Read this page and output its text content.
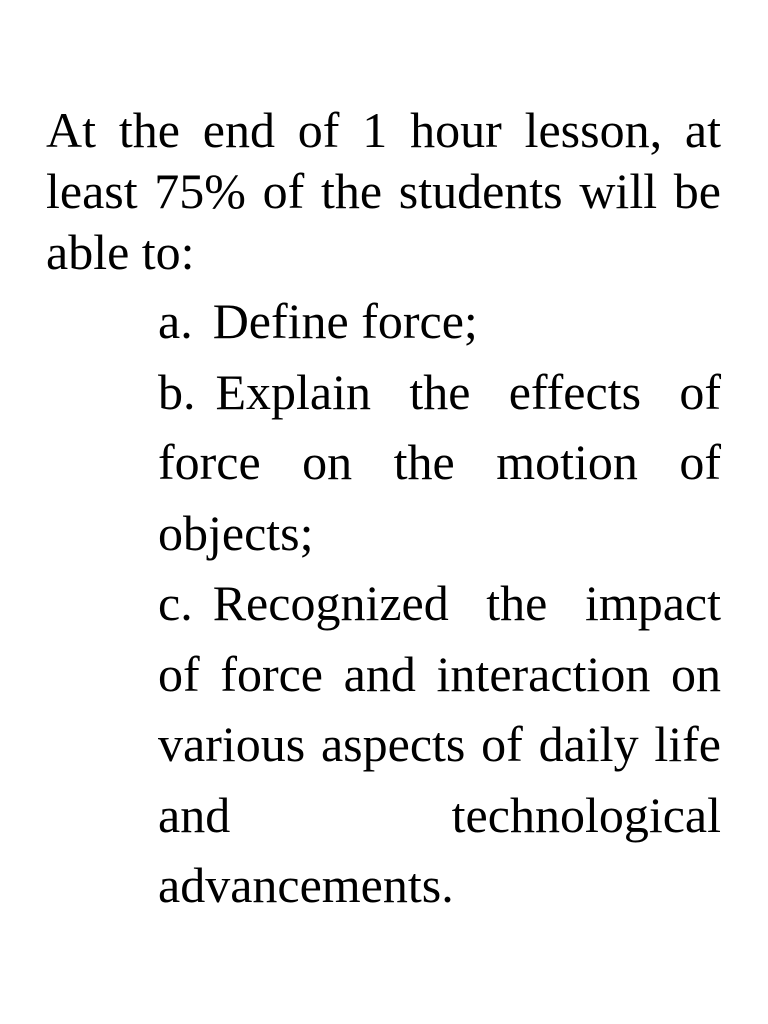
At the end of 1 hour lesson, at least 75% of the students will be able to:

a. Define force;
b. Explain the effects of force on the motion of objects;
c. Recognized the impact of force and interaction on various aspects of daily life and technological advancements.
